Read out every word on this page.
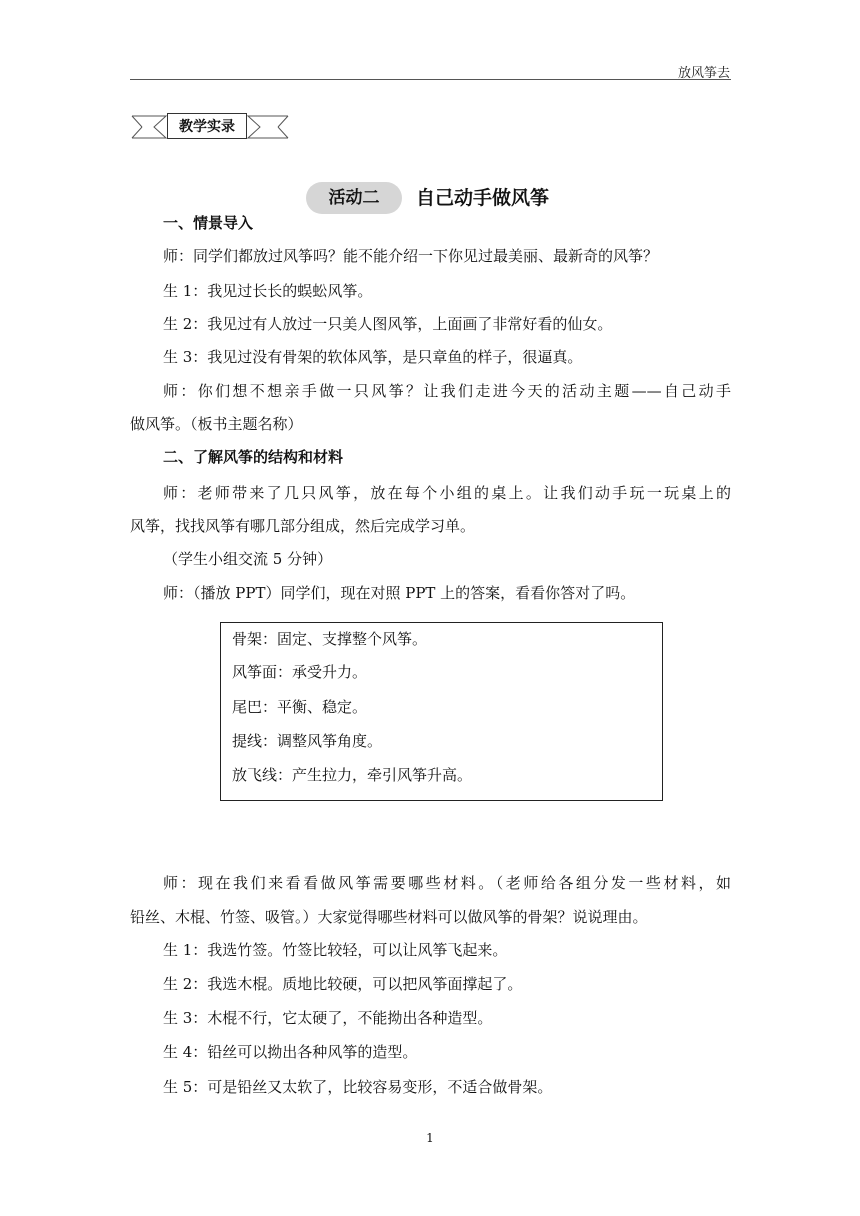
放风筝去
教学实录
活动二	自己动手做风筝
一、情景导入
师：同学们都放过风筝吗？能不能介绍一下你见过最美丽、最新奇的风筝？
生 1：我见过长长的蜈蚣风筝。
生 2：我见过有人放过一只美人图风筝，上面画了非常好看的仙女。
生 3：我见过没有骨架的软体风筝，是只章鱼的样子，很逼真。
师：你们想不想亲手做一只风筝？让我们走进今天的活动主题——自己动手
做风筝。（板书主题名称）
二、了解风筝的结构和材料
师：老师带来了几只风筝，放在每个小组的桌上。让我们动手玩一玩桌上的
风筝，找找风筝有哪几部分组成，然后完成学习单。
（学生小组交流 5 分钟）
师：（播放 PPT）同学们，现在对照 PPT 上的答案，看看你答对了吗。
骨架：固定、支撑整个风筝。
风筝面：承受升力。
尾巴：平衡、稳定。
提线：调整风筝角度。
放飞线：产生拉力，牵引风筝升高。
师：现在我们来看看做风筝需要哪些材料。（老师给各组分发一些材料，如
铅丝、木棍、竹签、吸管。）大家觉得哪些材料可以做风筝的骨架？说说理由。
生 1：我选竹签。竹签比较轻，可以让风筝飞起来。
生 2：我选木棍。质地比较硬，可以把风筝面撑起了。
生 3：木棍不行，它太硬了，不能拗出各种造型。
生 4：铅丝可以拗出各种风筝的造型。
生 5：可是铅丝又太软了，比较容易变形，不适合做骨架。
1
